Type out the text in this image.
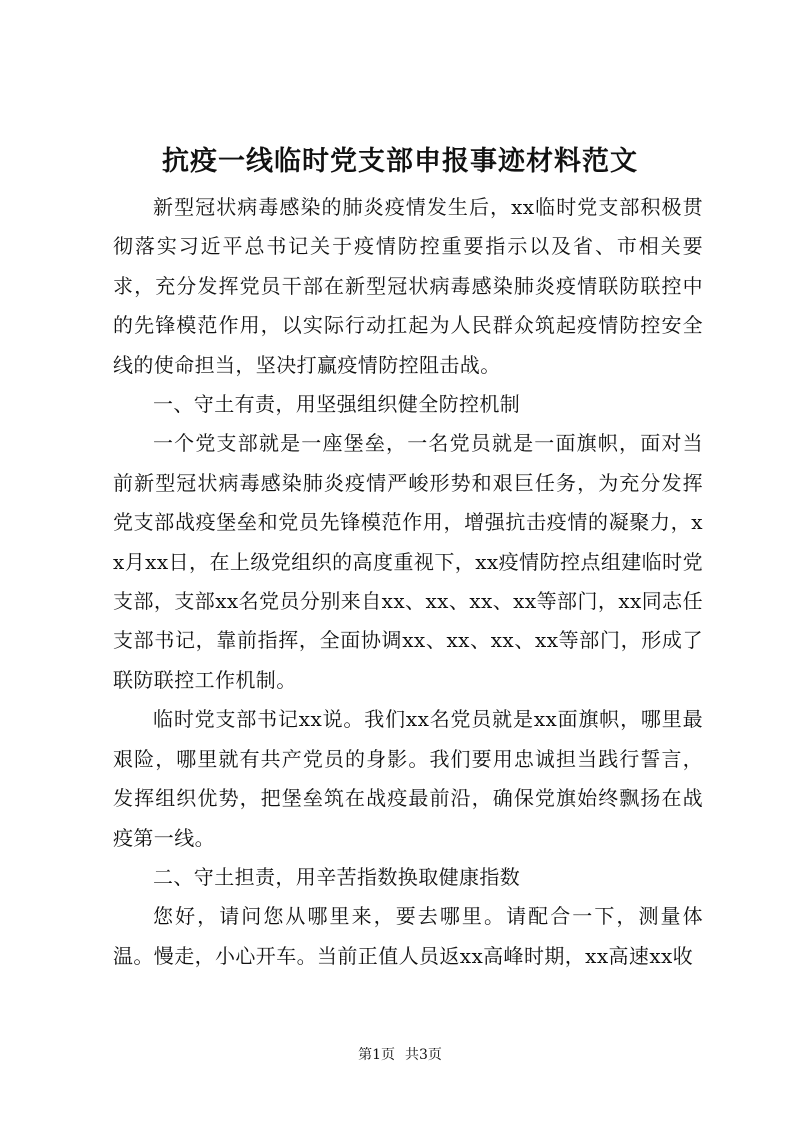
抗疫一线临时党支部申报事迹材料范文

新型冠状病毒感染的肺炎疫情发生后，xx临时党支部积极贯彻落实习近平总书记关于疫情防控重要指示以及省、市相关要求，充分发挥党员干部在新型冠状病毒感染肺炎疫情联防联控中的先锋模范作用，以实际行动扛起为人民群众筑起疫情防控安全线的使命担当，坚决打赢疫情防控阻击战。

一、守土有责，用坚强组织健全防控机制

一个党支部就是一座堡垒，一名党员就是一面旗帜，面对当前新型冠状病毒感染肺炎疫情严峻形势和艰巨任务，为充分发挥党支部战疫堡垒和党员先锋模范作用，增强抗击疫情的凝聚力，xx月xx日，在上级党组织的高度重视下，xx疫情防控点组建临时党支部，支部xx名党员分别来自xx、xx、xx、xx等部门，xx同志任支部书记，靠前指挥，全面协调xx、xx、xx、xx等部门，形成了联防联控工作机制。

临时党支部书记xx说。我们xx名党员就是xx面旗帜，哪里最艰险，哪里就有共产党员的身影。我们要用忠诚担当践行誓言，发挥组织优势，把堡垒筑在战疫最前沿，确保党旗始终飘扬在战疫第一线。

二、守土担责，用辛苦指数换取健康指数

您好，请问您从哪里来，要去哪里。请配合一下，测量体温。慢走，小心开车。当前正值人员返xx高峰时期，xx高速xx收

第1页 共3页
